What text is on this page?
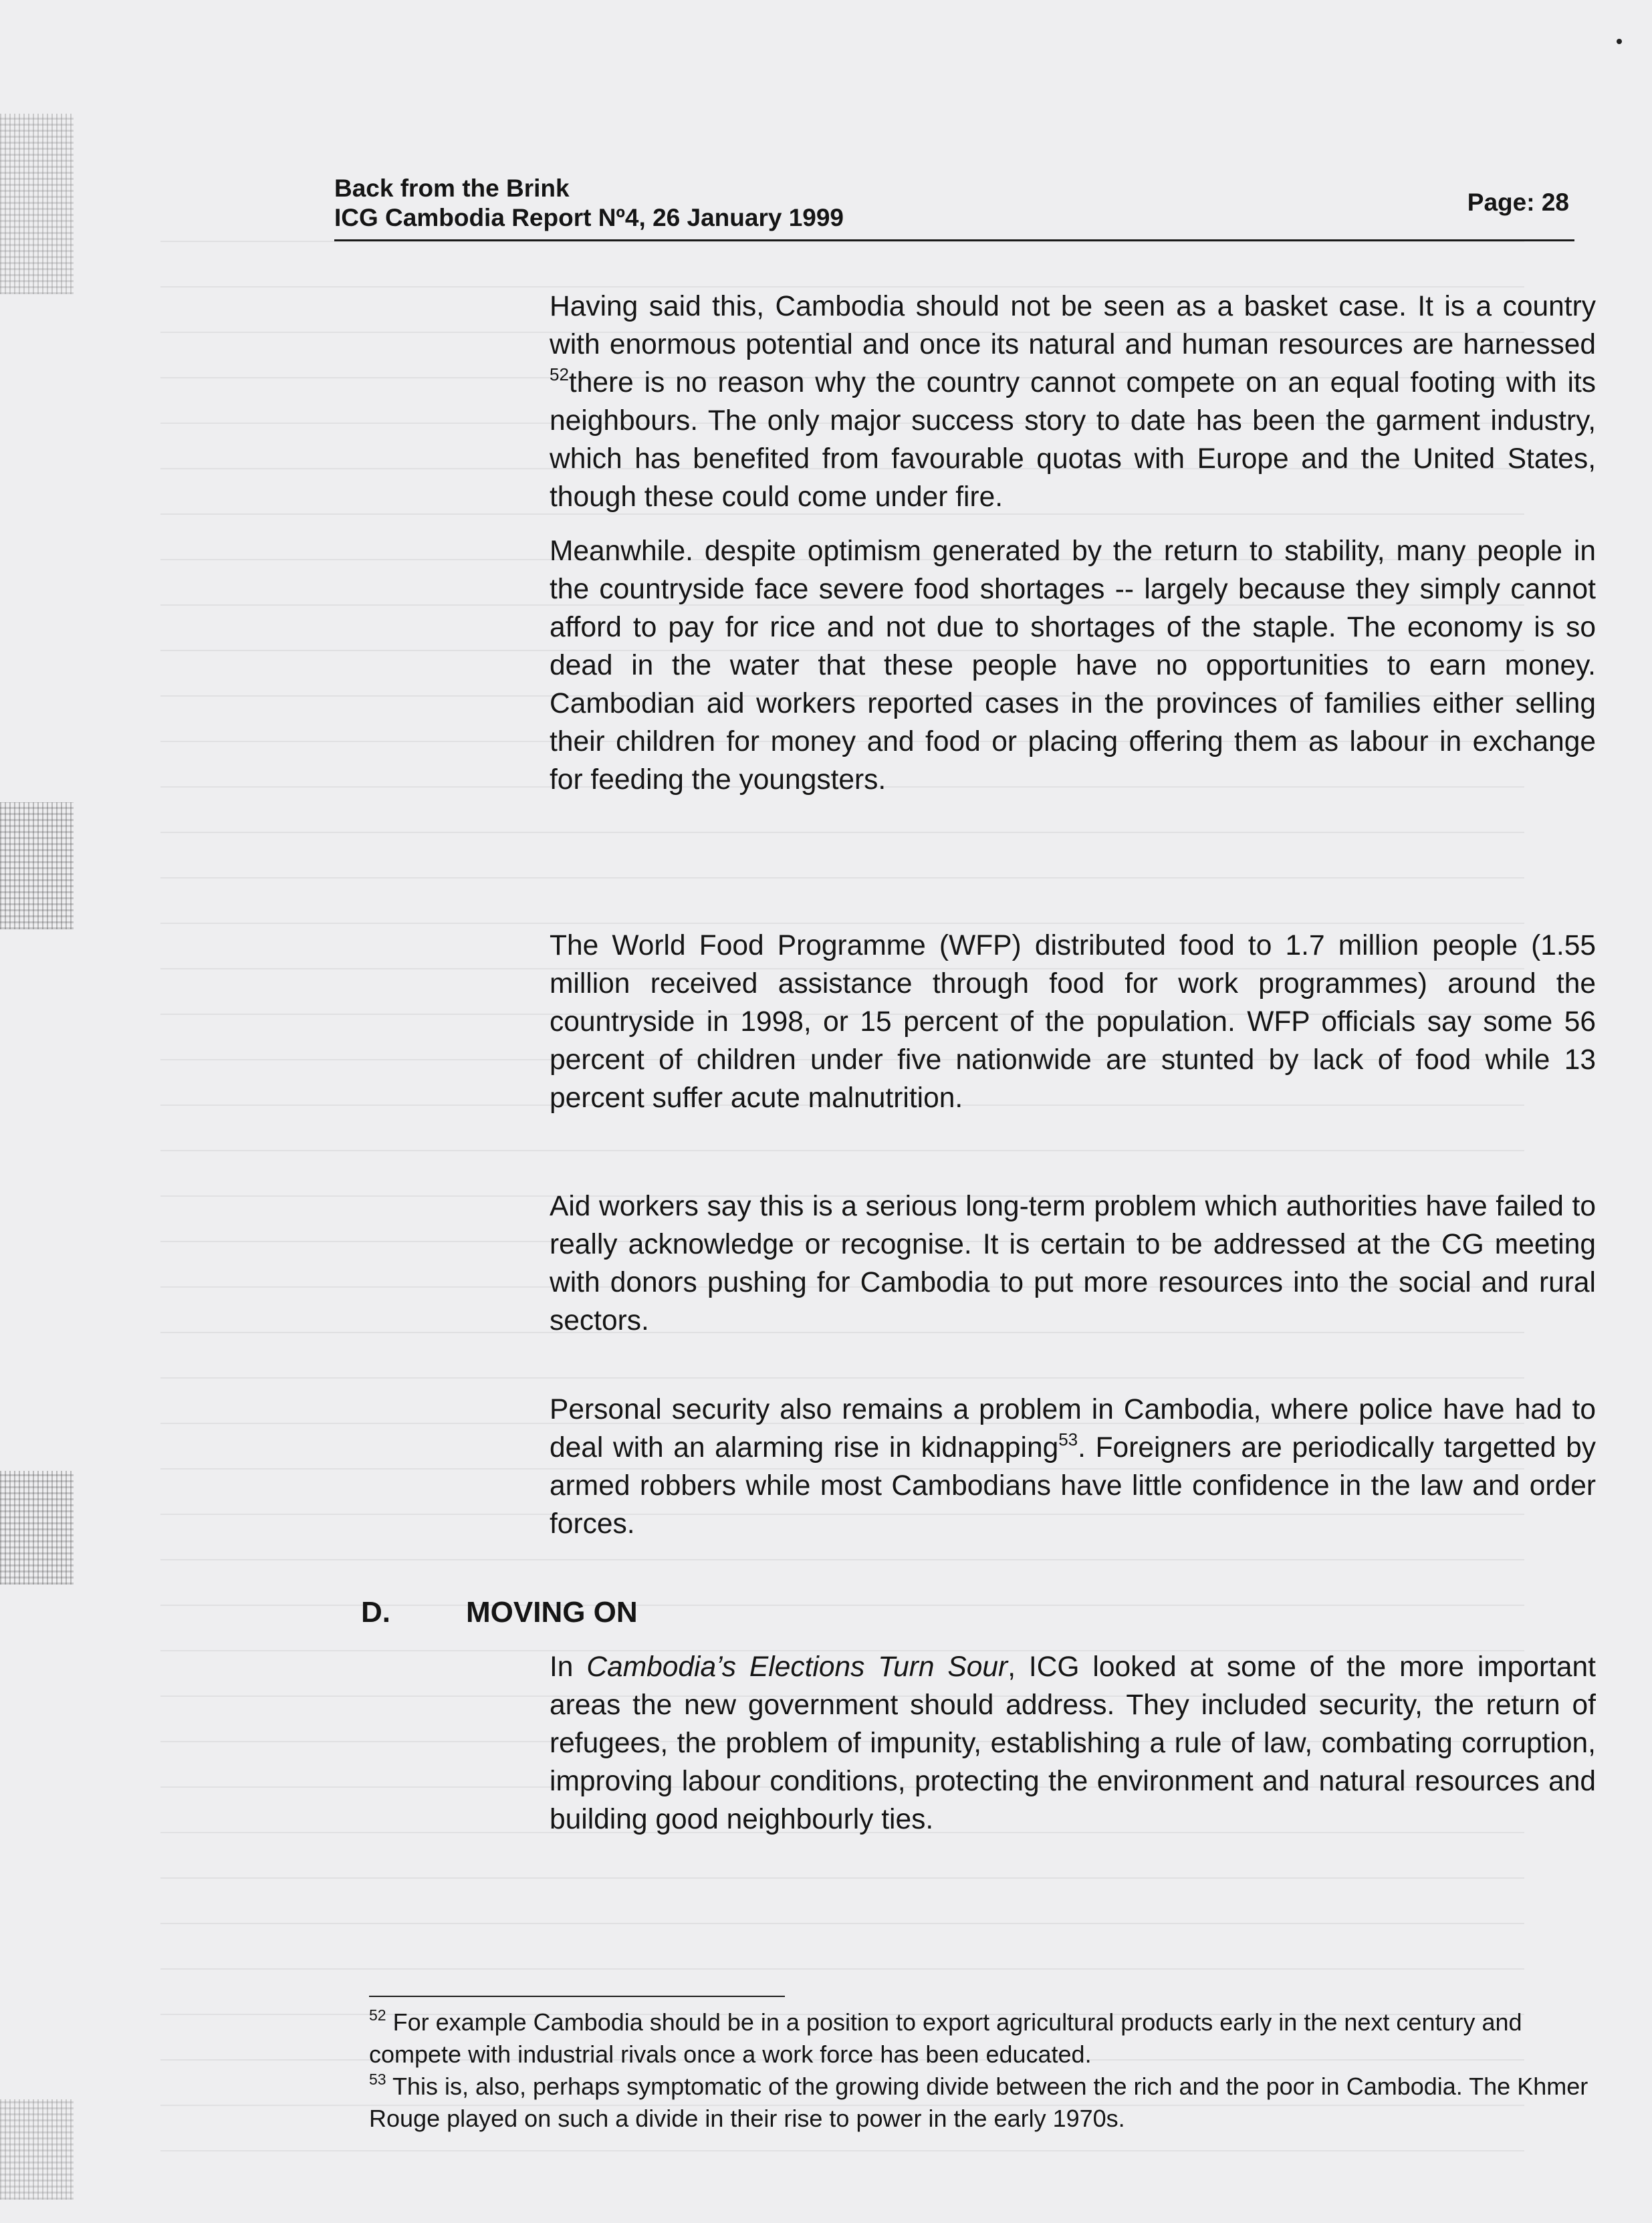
Back from the Brink
ICG Cambodia Report Nº4, 26 January 1999
Page: 28

Having said this, Cambodia should not be seen as a basket case. It is a country with enormous potential and once its natural and human resources are harnessed $^{52}$there is no reason why the country cannot compete on an equal footing with its neighbours. The only major success story to date has been the garment industry, which has benefited from favourable quotas with Europe and the United States, though these could come under fire.

Meanwhile. despite optimism generated by the return to stability, many people in the countryside face severe food shortages -- largely because they simply cannot afford to pay for rice and not due to shortages of the staple. The economy is so dead in the water that these people have no opportunities to earn money. Cambodian aid workers reported cases in the provinces of families either selling their children for money and food or placing offering them as labour in exchange for feeding the youngsters.

The World Food Programme (WFP) distributed food to 1.7 million people (1.55 million received assistance through food for work programmes) around the countryside in 1998, or 15 percent of the population. WFP officials say some 56 percent of children under five nationwide are stunted by lack of food while 13 percent suffer acute malnutrition.

Aid workers say this is a serious long-term problem which authorities have failed to really acknowledge or recognise. It is certain to be addressed at the CG meeting with donors pushing for Cambodia to put more resources into the social and rural sectors.

Personal security also remains a problem in Cambodia, where police have had to deal with an alarming rise in kidnapping$^{53}$. Foreigners are periodically targetted by armed robbers while most Cambodians have little confidence in the law and order forces.

D.	MOVING ON

In Cambodia’s Elections Turn Sour, ICG looked at some of the more important areas the new government should address. They included security, the return of refugees, the problem of impunity, establishing a rule of law, combating corruption, improving labour conditions, protecting the environment and natural resources and building good neighbourly ties.

$^{52}$ For example Cambodia should be in a position to export agricultural products early in the next century and compete with industrial rivals once a work force has been educated.

$^{53}$ This is, also, perhaps symptomatic of the growing divide between the rich and the poor in Cambodia. The Khmer Rouge played on such a divide in their rise to power in the early 1970s.
